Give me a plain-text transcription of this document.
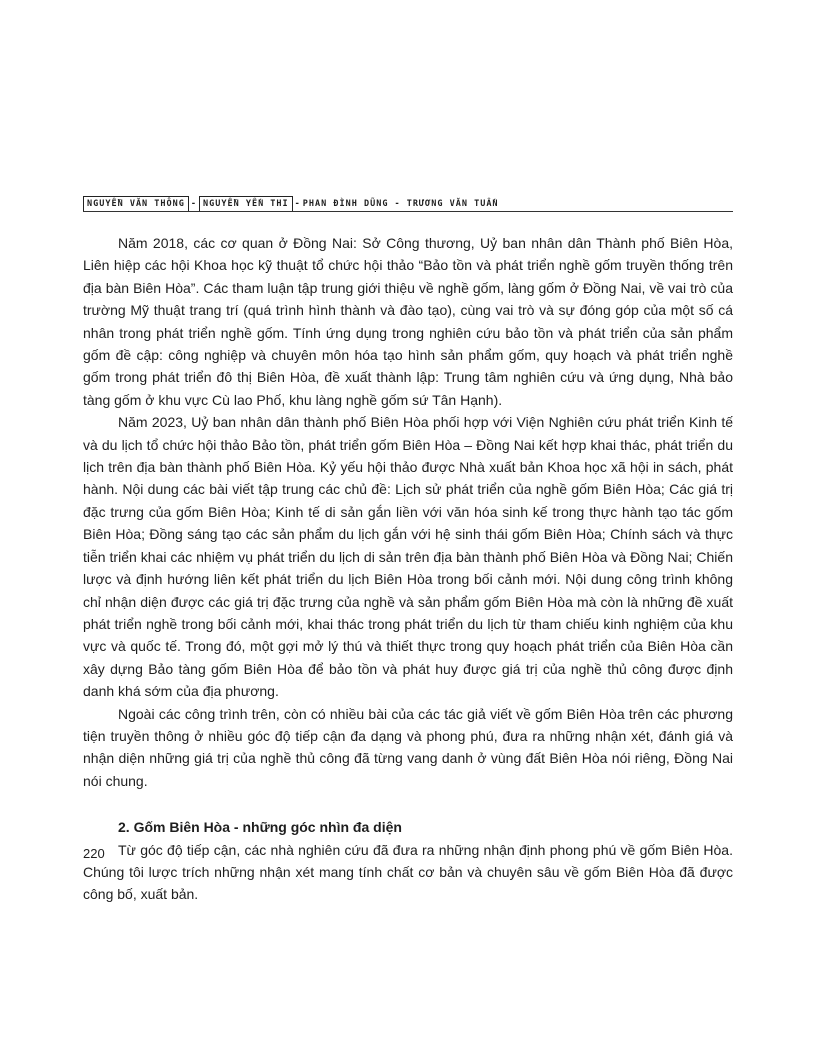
NGUYỄN VĂN THÔNG - NGUYỄN YẾN THI - PHAN ĐÌNH DŨNG - TRƯƠNG VĂN TUẤN

Năm 2018, các cơ quan ở Đồng Nai: Sở Công thương, Uỷ ban nhân dân Thành phố Biên Hòa, Liên hiệp các hội Khoa học kỹ thuật tổ chức hội thảo “Bảo tồn và phát triển nghề gốm truyền thống trên địa bàn Biên Hòa”. Các tham luận tập trung giới thiệu về nghề gốm, làng gốm ở Đồng Nai, về vai trò của trường Mỹ thuật trang trí (quá trình hình thành và đào tạo), cùng vai trò và sự đóng góp của một số cá nhân trong phát triển nghề gốm. Tính ứng dụng trong nghiên cứu bảo tồn và phát triển của sản phẩm gốm đề cập: công nghiệp và chuyên môn hóa tạo hình sản phẩm gốm, quy hoạch và phát triển nghề gốm trong phát triển đô thị Biên Hòa, đề xuất thành lập: Trung tâm nghiên cứu và ứng dụng, Nhà bảo tàng gốm ở khu vực Cù lao Phố, khu làng nghề gốm sứ Tân Hạnh).

Năm 2023, Uỷ ban nhân dân thành phố Biên Hòa phối hợp với Viện Nghiên cứu phát triển Kinh tế và du lịch tổ chức hội thảo Bảo tồn, phát triển gốm Biên Hòa – Đồng Nai kết hợp khai thác, phát triển du lịch trên địa bàn thành phố Biên Hòa. Kỷ yếu hội thảo được Nhà xuất bản Khoa học xã hội in sách, phát hành. Nội dung các bài viết tập trung các chủ đề: Lịch sử phát triển của nghề gốm Biên Hòa; Các giá trị đặc trưng của gốm Biên Hòa; Kinh tế di sản gắn liền với văn hóa sinh kế trong thực hành tạo tác gốm Biên Hòa; Đồng sáng tạo các sản phẩm du lịch gắn với hệ sinh thái gốm Biên Hòa; Chính sách và thực tiễn triển khai các nhiệm vụ phát triển du lịch di sản trên địa bàn thành phố Biên Hòa và Đồng Nai; Chiến lược và định hướng liên kết phát triển du lịch Biên Hòa trong bối cảnh mới. Nội dung công trình không chỉ nhận diện được các giá trị đặc trưng của nghề và sản phẩm gốm Biên Hòa mà còn là những đề xuất phát triển nghề trong bối cảnh mới, khai thác trong phát triển du lịch từ tham chiếu kinh nghiệm của khu vực và quốc tế. Trong đó, một gợi mở lý thú và thiết thực trong quy hoạch phát triển của Biên Hòa cần xây dựng Bảo tàng gốm Biên Hòa để bảo tồn và phát huy được giá trị của nghề thủ công được định danh khá sớm của địa phương.

Ngoài các công trình trên, còn có nhiều bài của các tác giả viết về gốm Biên Hòa trên các phương tiện truyền thông ở nhiều góc độ tiếp cận đa dạng và phong phú, đưa ra những nhận xét, đánh giá và nhận diện những giá trị của nghề thủ công đã từng vang danh ở vùng đất Biên Hòa nói riêng, Đồng Nai nói chung.

2. Gốm Biên Hòa - những góc nhìn đa diện

Từ góc độ tiếp cận, các nhà nghiên cứu đã đưa ra những nhận định phong phú về gốm Biên Hòa. Chúng tôi lược trích những nhận xét mang tính chất cơ bản và chuyên sâu về gốm Biên Hòa đã được công bố, xuất bản.

220
